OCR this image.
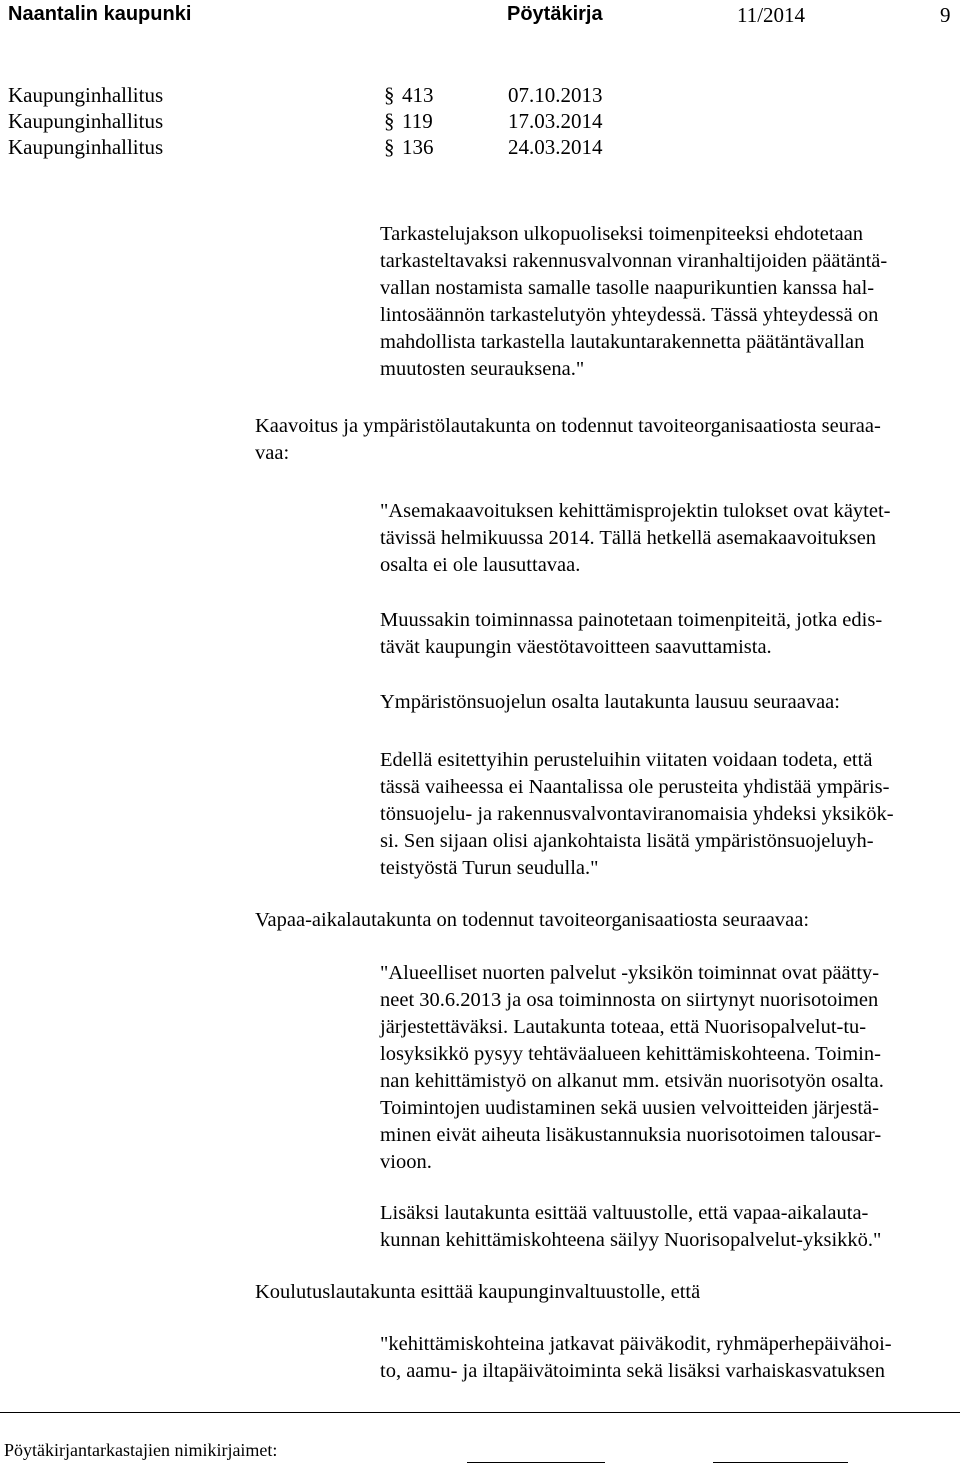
Naantalin kaupunki	Pöytäkirja	11/2014	9
Kaupunginhallitus	§ 413	07.10.2013
Kaupunginhallitus	§ 119	17.03.2014
Kaupunginhallitus	§ 136	24.03.2014
Tarkastelujakson ulkopuoliseksi toimenpiteeksi ehdotetaan
tarkasteltavaksi rakennusvalvonnan viranhaltijoiden päätäntä-
vallan nostamista samalle tasolle naapurikuntien kanssa hal-
lintosäännön tarkastelutyön yhteydessä. Tässä yhteydessä on
mahdollista tarkastella lautakuntarakennetta päätäntävallan
muutosten seurauksena."
Kaavoitus ja ympäristölautakunta on todennut tavoiteorganisaatiosta seuraa-
vaa:
"Asemakaavoituksen kehittämisprojektin tulokset ovat käytet-
tävissä helmikuussa 2014. Tällä hetkellä asemakaavoituksen
osalta ei ole lausuttavaa.
Muussakin toiminnassa painotetaan toimenpiteitä, jotka edis-
tävät kaupungin väestötavoitteen saavuttamista.
Ympäristönsuojelun osalta lautakunta lausuu seuraavaa:
Edellä esitettyihin perusteluihin viitaten voidaan todeta, että
tässä vaiheessa ei Naantalissa ole perusteita yhdistää ympäris-
tönsuojelu- ja rakennusvalvontaviranomaisia yhdeksi yksikök-
si. Sen sijaan olisi ajankohtaista lisätä ympäristönsuojeluyh-
teistyöstä Turun seudulla."
Vapaa-aikalautakunta on todennut tavoiteorganisaatiosta seuraavaa:
"Alueelliset nuorten palvelut -yksikön toiminnat ovat päätty-
neet 30.6.2013 ja osa toiminnosta on siirtynyt nuorisotoimen
järjestettäväksi. Lautakunta toteaa, että Nuorisopalvelut-tu-
losyksikkö pysyy tehtäväalueen kehittämiskohteena. Toimin-
nan kehittämistyö on alkanut mm. etsivän nuorisotyön osalta.
Toimintojen uudistaminen sekä uusien velvoitteiden järjestä-
minen eivät aiheuta lisäkustannuksia nuorisotoimen talousar-
vioon.
Lisäksi lautakunta esittää valtuustolle, että vapaa-aikalauta-
kunnan kehittämiskohteena säilyy Nuorisopalvelut-yksikkö."
Koulutuslautakunta esittää kaupunginvaltuustolle, että
"kehittämiskohteina jatkavat päiväkodit, ryhmäperhepäivähoi-
to, aamu- ja iltapäivätoiminta sekä lisäksi varhaiskasvatuksen
Pöytäkirjantarkastajien nimikirjaimet:
